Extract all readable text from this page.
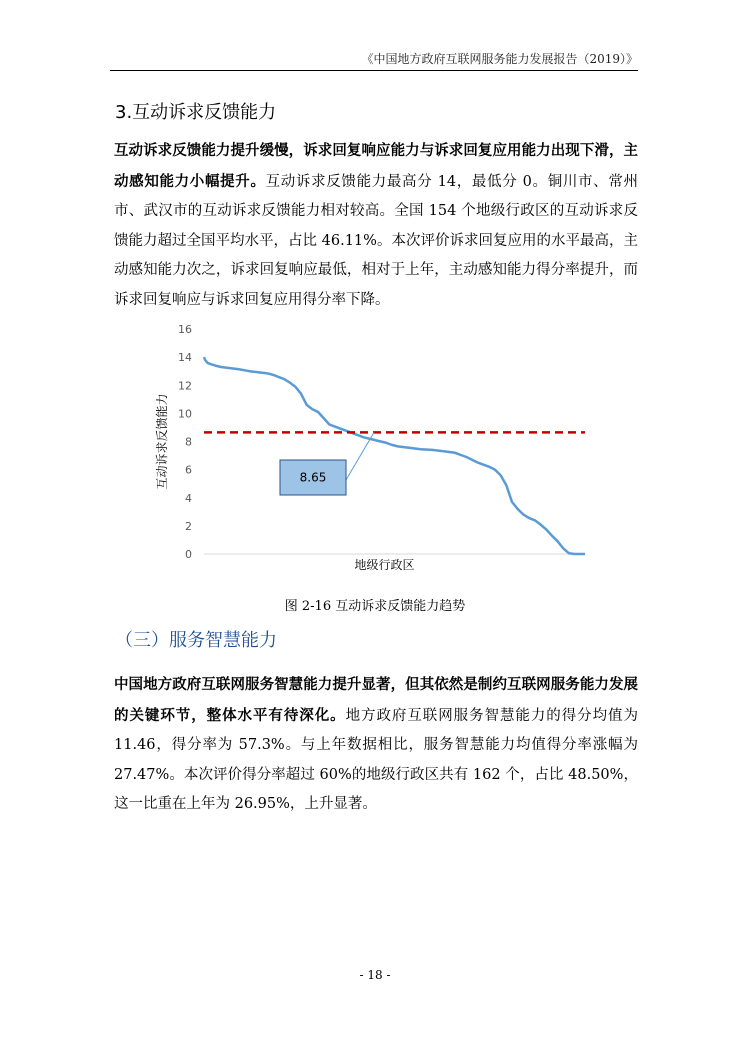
《中国地方政府互联网服务能力发展报告（2019）》
3.互动诉求反馈能力

互动诉求反馈能力提升缓慢，诉求回复响应能力与诉求回复应用能力出现下滑，主动感知能力小幅提升。互动诉求反馈能力最高分 14，最低分 0。铜川市、常州市、武汉市的互动诉求反馈能力相对较高。全国 154 个地级行政区的互动诉求反馈能力超过全国平均水平，占比 46.11%。本次评价诉求回复应用的水平最高，主动感知能力次之，诉求回复响应最低，相对于上年，主动感知能力得分率提升，而诉求回复响应与诉求回复应用得分率下降。

0
2
4
6
8
10
12
14
16
8.65
地级行政区
互动诉求反馈能力
图 2-16 互动诉求反馈能力趋势
（三）服务智慧能力

中国地方政府互联网服务智慧能力提升显著，但其依然是制约互联网服务能力发展的关键环节，整体水平有待深化。地方政府互联网服务智慧能力的得分均值为 11.46，得分率为 57.3%。与上年数据相比，服务智慧能力均值得分率涨幅为 27.47%。本次评价得分率超过 60%的地级行政区共有 162 个，占比 48.50%，这一比重在上年为 26.95%，上升显著。

- 18 -
